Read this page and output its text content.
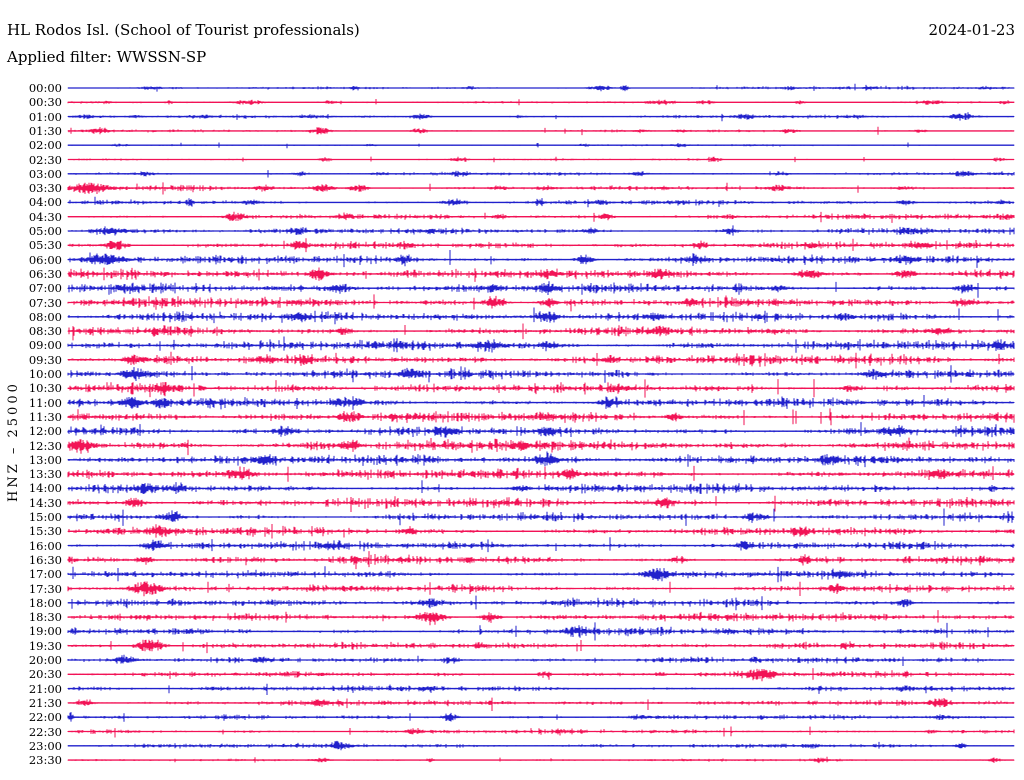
HL Rodos Isl. (School of Tourist professionals)	2024-01-23
Applied filter: WWSSN-SP
HNZ – 25000
00:00
00:30
01:00
01:30
02:00
02:30
03:00
03:30
04:00
04:30
05:00
05:30
06:00
06:30
07:00
07:30
08:00
08:30
09:00
09:30
10:00
10:30
11:00
11:30
12:00
12:30
13:00
13:30
14:00
14:30
15:00
15:30
16:00
16:30
17:00
17:30
18:00
18:30
19:00
19:30
20:00
20:30
21:00
21:30
22:00
22:30
23:00
23:30
